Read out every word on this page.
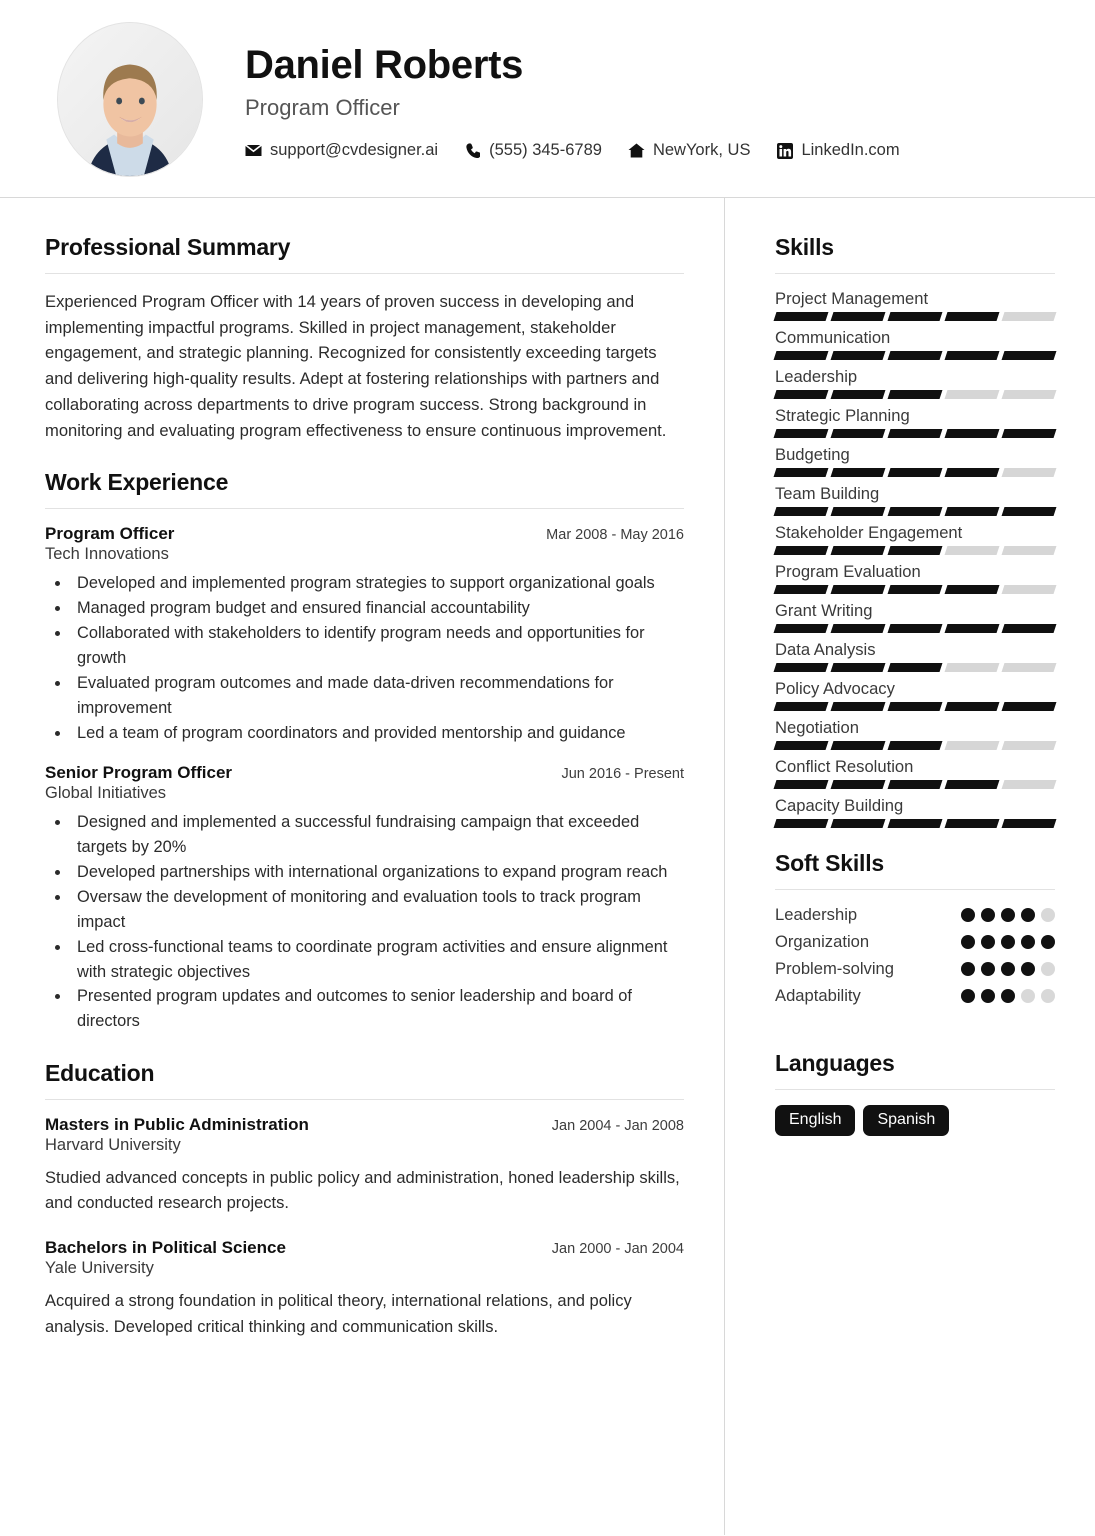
Daniel Roberts
Program Officer
support@cvdesigner.ai	(555) 345-6789	NewYork, US	LinkedIn.com
Professional Summary
Experienced Program Officer with 14 years of proven success in developing and implementing impactful programs. Skilled in project management, stakeholder engagement, and strategic planning. Recognized for consistently exceeding targets and delivering high-quality results. Adept at fostering relationships with partners and collaborating across departments to drive program success. Strong background in monitoring and evaluating program effectiveness to ensure continuous improvement.
Work Experience
Program Officer	Mar 2008 - May 2016
Tech Innovations
• Developed and implemented program strategies to support organizational goals
• Managed program budget and ensured financial accountability
• Collaborated with stakeholders to identify program needs and opportunities for growth
• Evaluated program outcomes and made data-driven recommendations for improvement
• Led a team of program coordinators and provided mentorship and guidance
Senior Program Officer	Jun 2016 - Present
Global Initiatives
• Designed and implemented a successful fundraising campaign that exceeded targets by 20%
• Developed partnerships with international organizations to expand program reach
• Oversaw the development of monitoring and evaluation tools to track program impact
• Led cross-functional teams to coordinate program activities and ensure alignment with strategic objectives
• Presented program updates and outcomes to senior leadership and board of directors
Education
Masters in Public Administration	Jan 2004 - Jan 2008
Harvard University
Studied advanced concepts in public policy and administration, honed leadership skills, and conducted research projects.
Bachelors in Political Science	Jan 2000 - Jan 2004
Yale University
Acquired a strong foundation in political theory, international relations, and policy analysis. Developed critical thinking and communication skills.
Skills
Project Management
Communication
Leadership
Strategic Planning
Budgeting
Team Building
Stakeholder Engagement
Program Evaluation
Grant Writing
Data Analysis
Policy Advocacy
Negotiation
Conflict Resolution
Capacity Building
Soft Skills
Leadership
Organization
Problem-solving
Adaptability
Languages
English	Spanish
